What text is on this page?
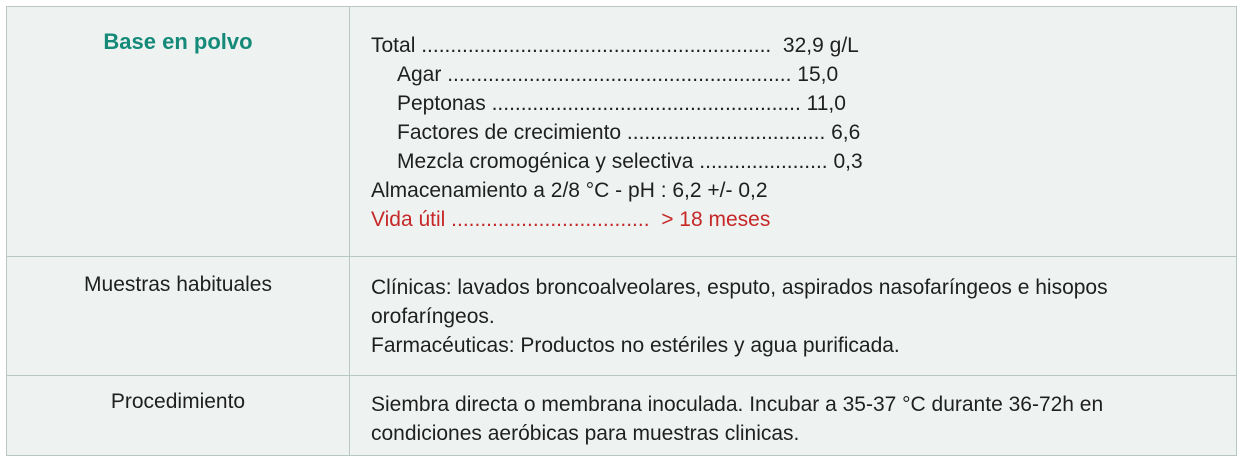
Base en polvo	Total ............................................................  32,9 g/L
Agar ........................................................... 15,0
Peptonas ..................................................... 11,0
Factores de crecimiento .................................. 6,6
Mezcla cromogénica y selectiva ...................... 0,3
Almacenamiento a 2/8 °C - pH : 6,2 +/- 0,2
Vida útil ..................................  > 18 meses
Muestras habituales	Clínicas: lavados broncoalveolares, esputo, aspirados nasofaríngeos e hisopos orofaríngeos.
Farmacéuticas: Productos no estériles y agua purificada.
Procedimiento	Siembra directa o membrana inoculada. Incubar a 35-37 °C durante 36-72h en condiciones aeróbicas para muestras clinicas.
